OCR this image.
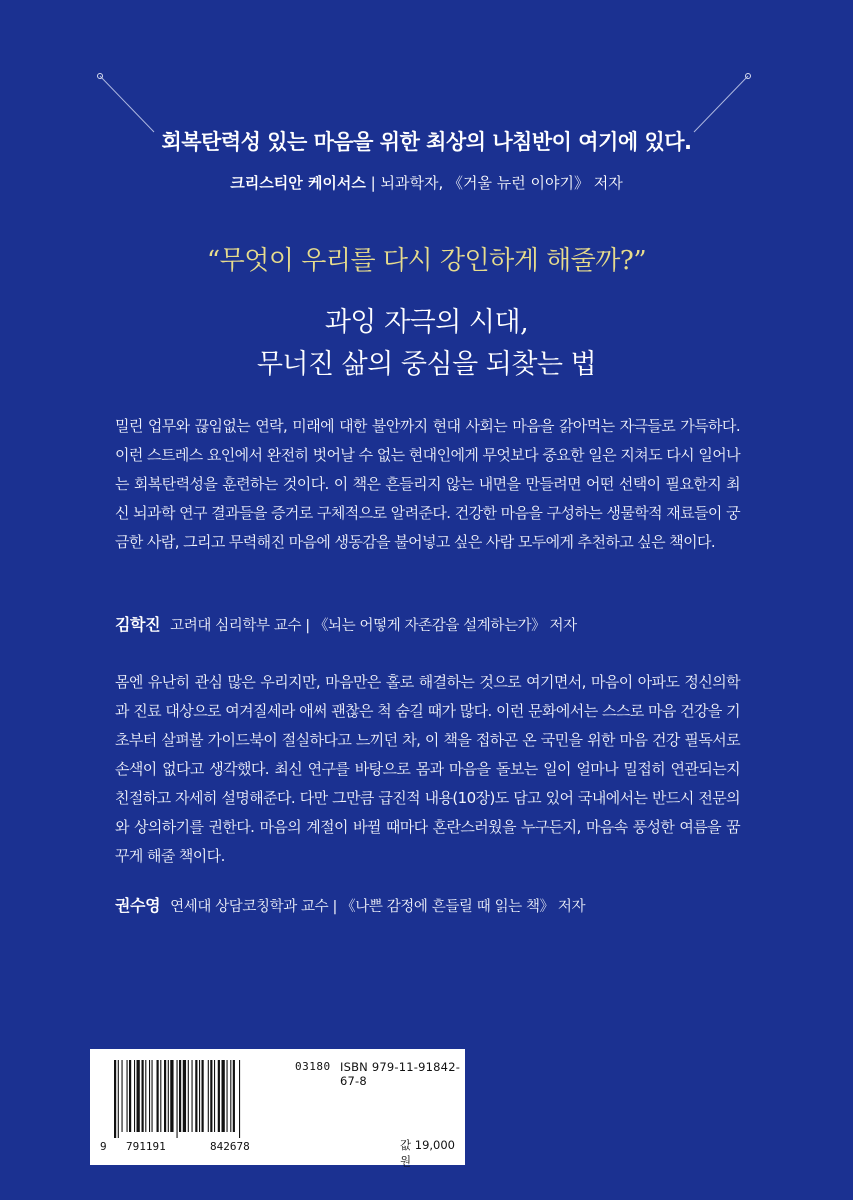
회복탄력성 있는 마음을 위한 최상의 나침반이 여기에 있다.
크리스티안 케이서스 | 뇌과학자, 《거울 뉴런 이야기》 저자
“무엇이 우리를 다시 강인하게 해줄까?”
과잉 자극의 시대,
무너진 삶의 중심을 되찾는 법
밀린 업무와 끊임없는 연락, 미래에 대한 불안까지 현대 사회는 마음을 갉아먹는 자극들로 가득하다. 이런 스트레스 요인에서 완전히 벗어날 수 없는 현대인에게 무엇보다 중요한 일은 지쳐도 다시 일어나는 회복탄력성을 훈련하는 것이다. 이 책은 흔들리지 않는 내면을 만들려면 어떤 선택이 필요한지 최신 뇌과학 연구 결과들을 증거로 구체적으로 알려준다. 건강한 마음을 구성하는 생물학적 재료들이 궁금한 사람, 그리고 무력해진 마음에 생동감을 불어넣고 싶은 사람 모두에게 추천하고 싶은 책이다.
김학진 고려대 심리학부 교수 | 《뇌는 어떻게 자존감을 설계하는가》 저자
몸엔 유난히 관심 많은 우리지만, 마음만은 홀로 해결하는 것으로 여기면서, 마음이 아파도 정신의학과 진료 대상으로 여겨질세라 애써 괜찮은 척 숨길 때가 많다. 이런 문화에서는 스스로 마음 건강을 기초부터 살펴볼 가이드북이 절실하다고 느끼던 차, 이 책을 접하곤 온 국민을 위한 마음 건강 필독서로 손색이 없다고 생각했다. 최신 연구를 바탕으로 몸과 마음을 돌보는 일이 얼마나 밀접히 연관되는지 친절하고 자세히 설명해준다. 다만 그만큼 급진적 내용(10장)도 담고 있어 국내에서는 반드시 전문의와 상의하기를 권한다. 마음의 계절이 바뀔 때마다 혼란스러웠을 누구든지, 마음속 풍성한 여름을 꿈꾸게 해줄 책이다.
권수영 연세대 상담코칭학과 교수 | 《나쁜 감정에 흔들릴 때 읽는 책》 저자
03180 ISBN 979-11-91842-67-8
값 19,000원
9 791191	842678
